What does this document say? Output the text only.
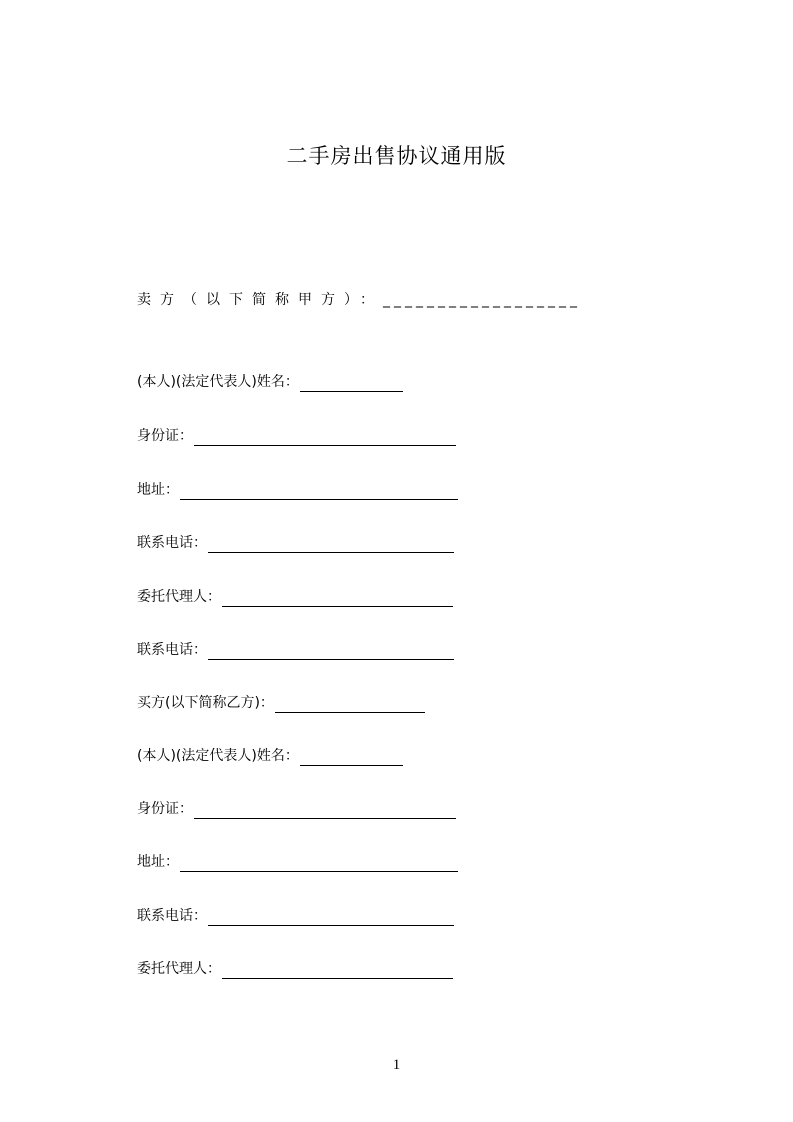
二手房出售协议通用版
卖方（以下简称甲方）：__________________
(本人)(法定代表人)姓名：
身份证：
地址：
联系电话：
委托代理人：
联系电话：
买方(以下简称乙方)：
(本人)(法定代表人)姓名：
身份证：
地址：
联系电话：
委托代理人：
1
